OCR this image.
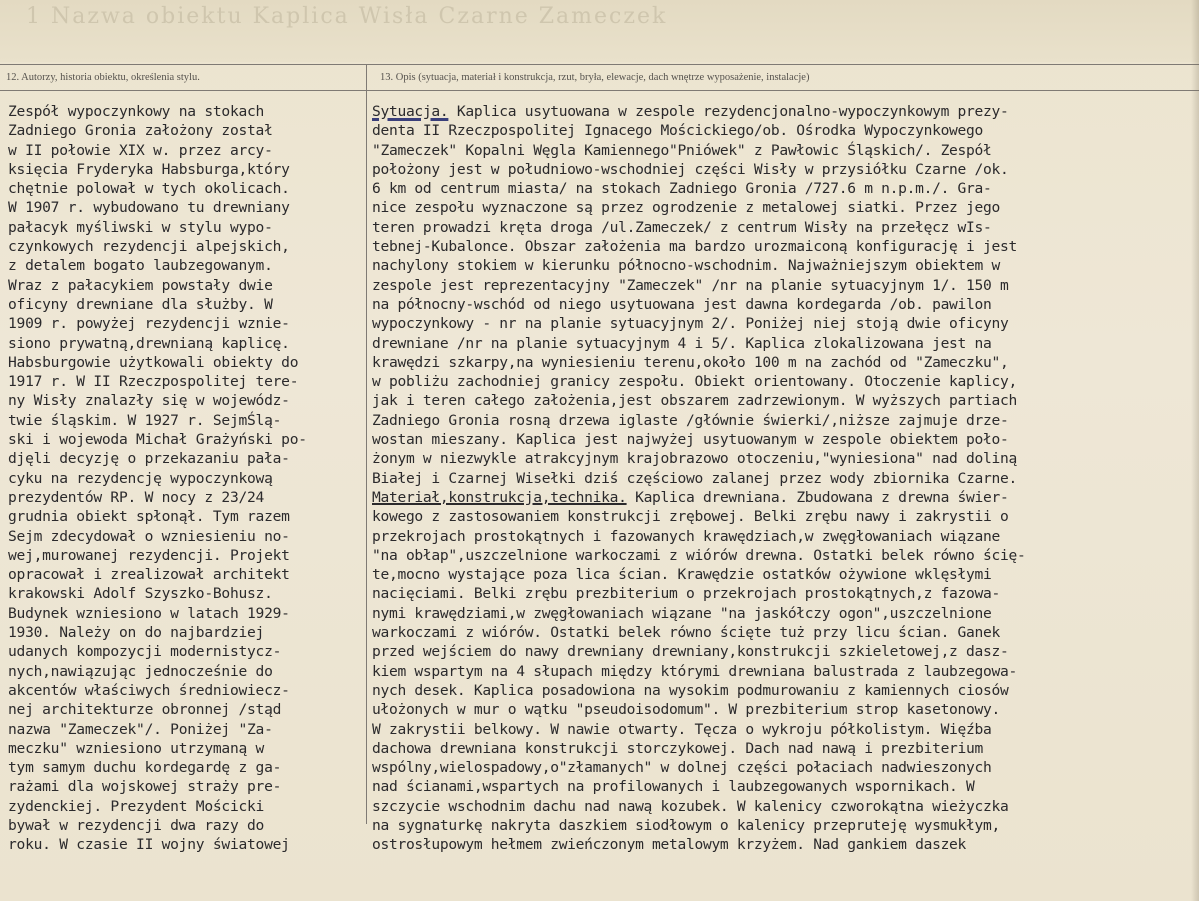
1 Nazwa obiektu Kaplica Wisła Czarne Zameczek
12. Autorzy, historia obiektu, określenia stylu.	13. Opis (sytuacja, materiał i konstrukcja, rzut, bryła, elewacje, dach wnętrze wyposażenie, instalacje)
Zespół wypoczynkowy na stokach
Zadniego Gronia założony został
w II połowie XIX w. przez arcy-
księcia Fryderyka Habsburga,który
chętnie polował w tych okolicach.
W 1907 r. wybudowano tu drewniany
pałacyk myśliwski w stylu wypo-
czynkowych rezydencji alpejskich,
z detalem bogato laubzegowanym.
Wraz z pałacykiem powstały dwie
oficyny drewniane dla służby. W
1909 r. powyżej rezydencji wznie-
siono prywatną,drewnianą kaplicę.
Habsburgowie użytkowali obiekty do
1917 r. W II Rzeczpospolitej tere-
ny Wisły znalazły się w wojewódz-
twie śląskim. W 1927 r. SejmŚlą-
ski i wojewoda Michał Grażyński po-
djęli decyzję o przekazaniu pała-
cyku na rezydencję wypoczynkową
prezydentów RP. W nocy z 23/24
grudnia obiekt spłonął. Tym razem
Sejm zdecydował o wzniesieniu no-
wej,murowanej rezydencji. Projekt
opracował i zrealizował architekt
krakowski Adolf Szyszko-Bohusz.
Budynek wzniesiono w latach 1929-
1930. Należy on do najbardziej
udanych kompozycji modernistycz-
nych,nawiązując jednocześnie do
akcentów właściwych średniowiecz-
nej architekturze obronnej /stąd
nazwa "Zameczek"/. Poniżej "Za-
meczku" wzniesiono utrzymaną w
tym samym duchu kordegardę z ga-
rażami dla wojskowej straży pre-
zydenckiej. Prezydent Mościcki
bywał w rezydencji dwa razy do
roku. W czasie II wojny światowej
Sytuacja. Kaplica usytuowana w zespole rezydencjonalno-wypoczynkowym prezy-
denta II Rzeczpospolitej Ignacego Mościckiego/ob. Ośrodka Wypoczynkowego
"Zameczek" Kopalni Węgla Kamiennego"Pniówek" z Pawłowic Śląskich/. Zespół
położony jest w południowo-wschodniej części Wisły w przysiółku Czarne /ok.
6 km od centrum miasta/ na stokach Zadniego Gronia /727.6 m n.p.m./. Gra-
nice zespołu wyznaczone są przez ogrodzenie z metalowej siatki. Przez jego
teren prowadzi kręta droga /ul.Zameczek/ z centrum Wisły na przełęcz wIs-
tebnej-Kubalonce. Obszar założenia ma bardzo urozmaiconą konfigurację i jest
nachylony stokiem w kierunku północno-wschodnim. Najważniejszym obiektem w
zespole jest reprezentacyjny "Zameczek" /nr na planie sytuacyjnym 1/. 150 m
na północny-wschód od niego usytuowana jest dawna kordegarda /ob. pawilon
wypoczynkowy - nr na planie sytuacyjnym 2/. Poniżej niej stoją dwie oficyny
drewniane /nr na planie sytuacyjnym 4 i 5/. Kaplica zlokalizowana jest na
krawędzi szkarpy,na wyniesieniu terenu,około 100 m na zachód od "Zameczku",
w pobliżu zachodniej granicy zespołu. Obiekt orientowany. Otoczenie kaplicy,
jak i teren całego założenia,jest obszarem zadrzewionym. W wyższych partiach
Zadniego Gronia rosną drzewa iglaste /głównie świerki/,niższe zajmuje drze-
wostan mieszany. Kaplica jest najwyżej usytuowanym w zespole obiektem poło-
żonym w niezwykle atrakcyjnym krajobrazowo otoczeniu,"wyniesiona" nad doliną
Białej i Czarnej Wisełki dziś częściowo zalanej przez wody zbiornika Czarne.
Materiał,konstrukcja,technika. Kaplica drewniana. Zbudowana z drewna świer-
kowego z zastosowaniem konstrukcji zrębowej. Belki zrębu nawy i zakrystii o
przekrojach prostokątnych i fazowanych krawędziach,w zwęgłowaniach wiązane
"na obłap",uszczelnione warkoczami z wiórów drewna. Ostatki belek równo ścię-
te,mocno wystające poza lica ścian. Krawędzie ostatków ożywione wklęsłymi
nacięciami. Belki zrębu prezbiterium o przekrojach prostokątnych,z fazowa-
nymi krawędziami,w zwęgłowaniach wiązane "na jaskółczy ogon",uszczelnione
warkoczami z wiórów. Ostatki belek równo ścięte tuż przy licu ścian. Ganek
przed wejściem do nawy drewniany drewniany,konstrukcji szkieletowej,z dasz-
kiem wspartym na 4 słupach między którymi drewniana balustrada z laubzegowa-
nych desek. Kaplica posadowiona na wysokim podmurowaniu z kamiennych ciosów
ułożonych w mur o wątku "pseudoisodomum". W prezbiterium strop kasetonowy.
W zakrystii belkowy. W nawie otwarty. Tęcza o wykroju półkolistym. Więźba
dachowa drewniana konstrukcji storczykowej. Dach nad nawą i prezbiterium
wspólny,wielospadowy,o"złamanych" w dolnej części połaciach nadwieszonych
nad ścianami,wspartych na profilowanych i laubzegowanych wspornikach. W
szczycie wschodnim dachu nad nawą kozubek. W kalenicy czworokątna wieżyczka
na sygnaturkę nakryta daszkiem siodłowym o kalenicy przepruteję wysmukłym,
ostrosłupowym hełmem zwieńczonym metalowym krzyżem. Nad gankiem daszek
